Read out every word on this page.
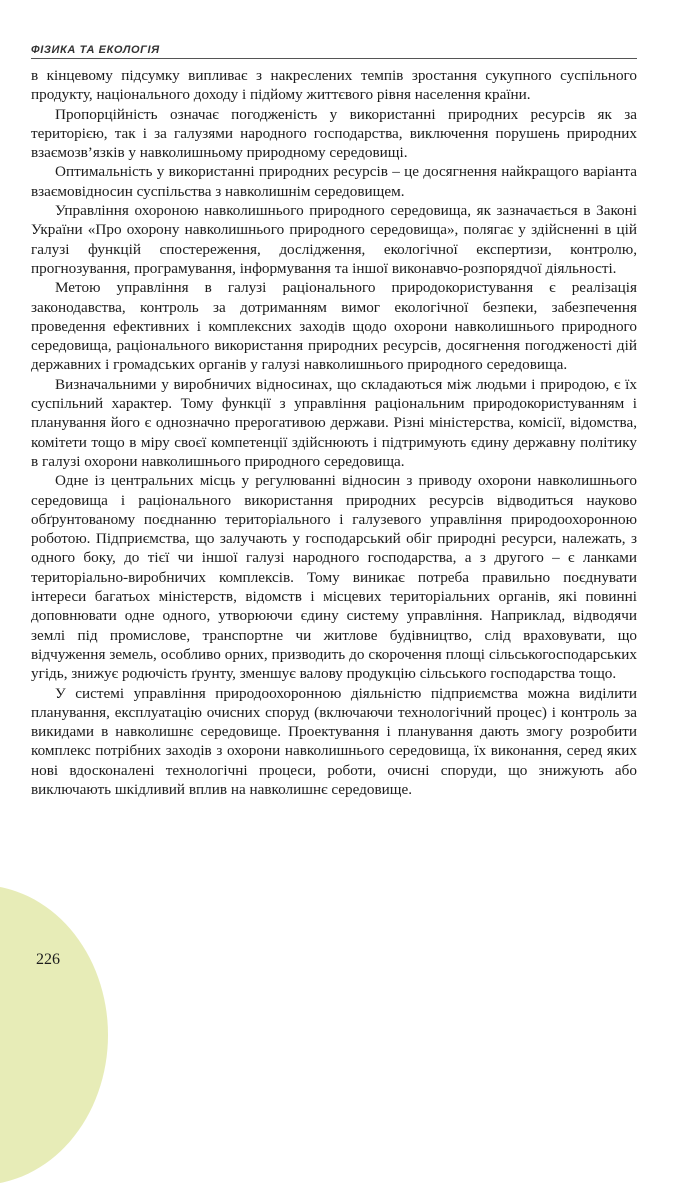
ФІЗИКА ТА ЕКОЛОГІЯ

в кінцевому підсумку випливає з накреслених темпів зростання сукупного суспільного продукту, національного доходу і підйому життєвого рівня населення країни.

Пропорційність означає погодженість у використанні природних ресурсів як за територією, так і за галузями народного господарства, виключення порушень природних взаємозв’язків у навколишньому природному середовищі.

Оптимальність у використанні природних ресурсів – це досягнення найкращого варіанта взаємовідносин суспільства з навколишнім середовищем.

Управління охороною навколишнього природного середовища, як зазначається в Законі України «Про охорону навколишнього природного середовища», полягає у здійсненні в цій галузі функцій спостереження, дослідження, екологічної експертизи, контролю, прогнозування, програмування, інформування та іншої виконавчо-розпорядчої діяльності.

Метою управління в галузі раціонального природокористування є реалізація законодавства, контроль за дотриманням вимог екологічної безпеки, забезпечення проведення ефективних і комплексних заходів щодо охорони навколишнього природного середовища, раціонального використання природних ресурсів, досягнення погодженості дій державних і громадських органів у галузі навколишнього природного середовища.

Визначальними у виробничих відносинах, що складаються між людьми і природою, є їх суспільний характер. Тому функції з управління раціональним природокористуванням і планування його є однозначно прерогативою держави. Різні міністерства, комісії, відомства, комітети тощо в міру своєї компетенції здійснюють і підтримують єдину державну політику в галузі охорони навколишнього природного середовища.

Одне із центральних місць у регулюванні відносин з приводу охорони навколишнього середовища і раціонального використання природних ресурсів відводиться науково обґрунтованому поєднанню територіального і галузевого управління природоохоронною роботою. Підприємства, що залучають у господарський обіг природні ресурси, належать, з одного боку, до тієї чи іншої галузі народного господарства, а з другого – є ланками територіально-виробничих комплексів. Тому виникає потреба правильно поєднувати інтереси багатьох міністерств, відомств і місцевих територіальних органів, які повинні доповнювати одне одного, утворюючи єдину систему управління. Наприклад, відводячи землі під промислове, транспортне чи житлове будівництво, слід враховувати, що відчуження земель, особливо орних, призводить до скорочення площі сільськогосподарських угідь, знижує родючість ґрунту, зменшує валову продукцію сільського господарства тощо.

У системі управління природоохоронною діяльністю підприємства можна виділити планування, експлуатацію очисних споруд (включаючи технологічний процес) і контроль за викидами в навколишнє середовище. Проектування і планування дають змогу розробити комплекс потрібних заходів з охорони навколишнього середовища, їх виконання, серед яких нові вдосконалені технологічні процеси, роботи, очисні споруди, що знижують або виключають шкідливий вплив на навколишнє середовище.

226
